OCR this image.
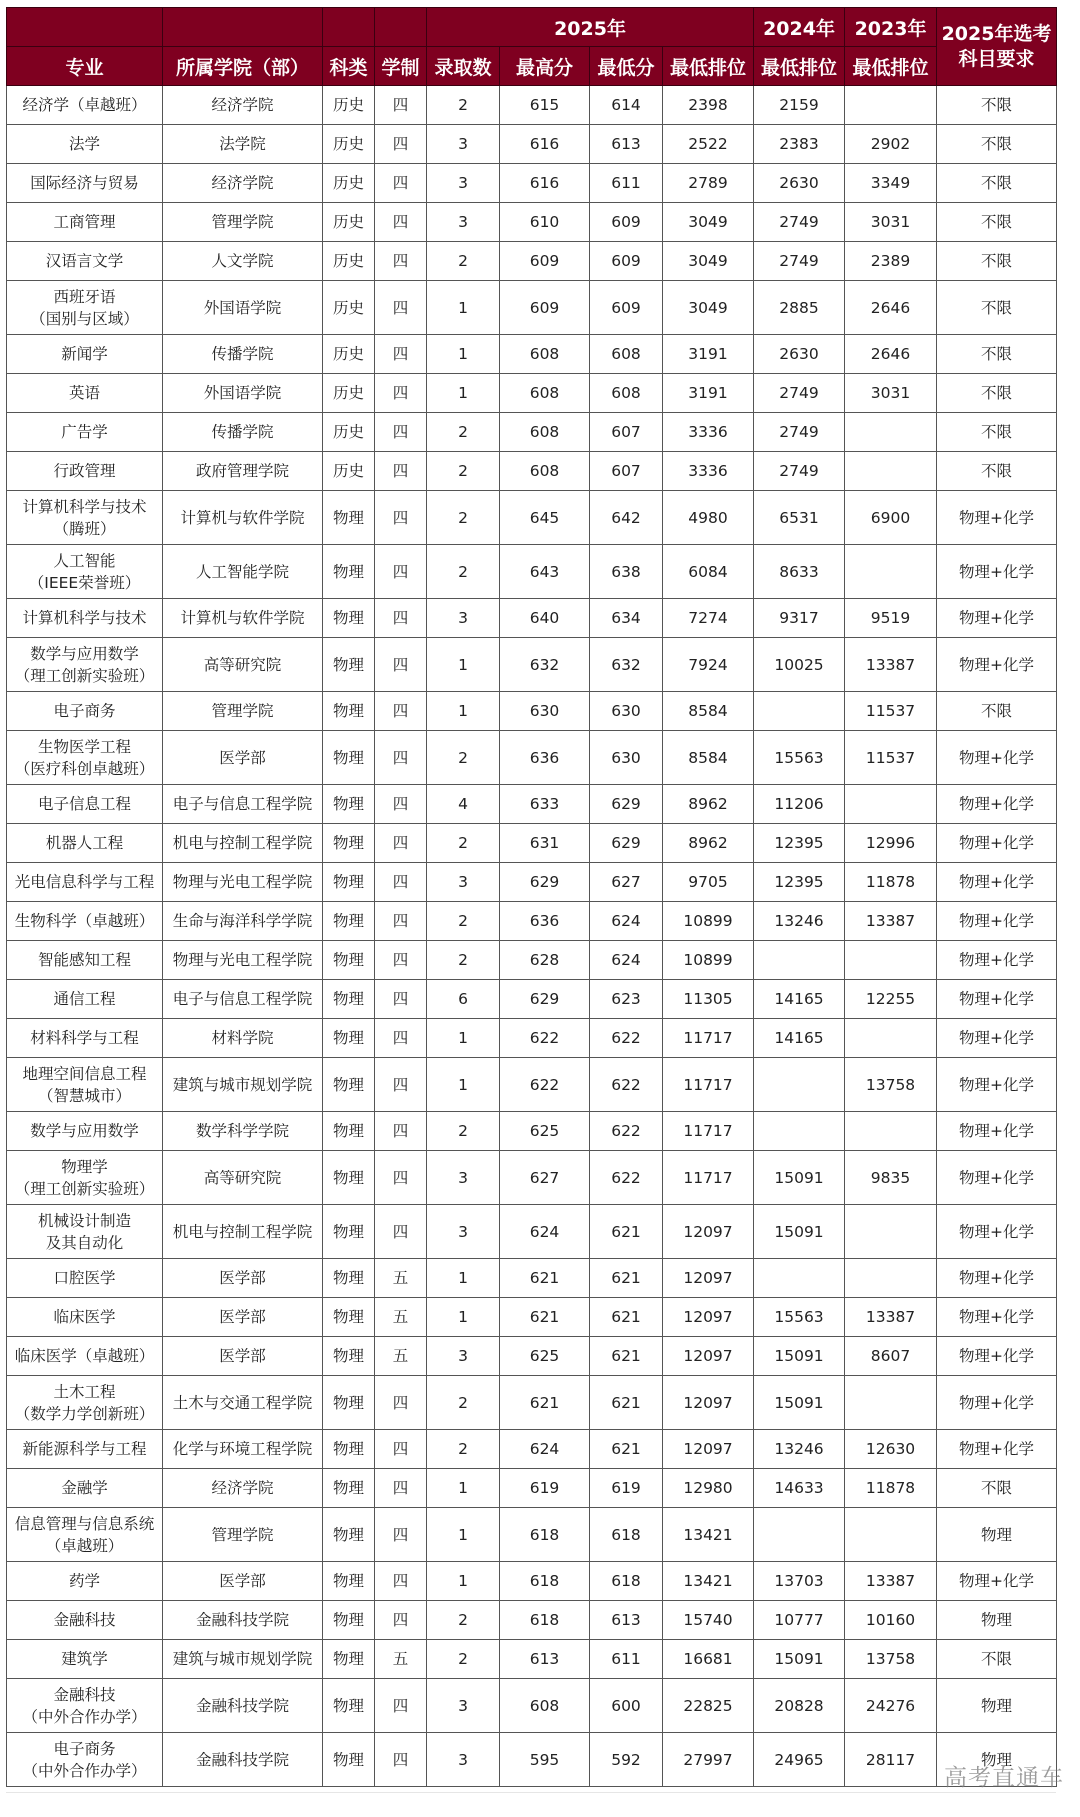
				2025年				2024年	2023年	2025年选考
科目要求
专业	所属学院（部）	科类	学制	录取数	最高分	最低分	最低排位	最低排位	最低排位	
经济学（卓越班）	经济学院	历史	四	2	615	614	2398	2159		不限
法学	法学院	历史	四	3	616	613	2522	2383	2902	不限
国际经济与贸易	经济学院	历史	四	3	616	611	2789	2630	3349	不限
工商管理	管理学院	历史	四	3	610	609	3049	2749	3031	不限
汉语言文学	人文学院	历史	四	2	609	609	3049	2749	2389	不限
西班牙语
（国别与区域）	外国语学院	历史	四	1	609	609	3049	2885	2646	不限
新闻学	传播学院	历史	四	1	608	608	3191	2630	2646	不限
英语	外国语学院	历史	四	1	608	608	3191	2749	3031	不限
广告学	传播学院	历史	四	2	608	607	3336	2749		不限
行政管理	政府管理学院	历史	四	2	608	607	3336	2749		不限
计算机科学与技术
（腾班）	计算机与软件学院	物理	四	2	645	642	4980	6531	6900	物理+化学
人工智能
（IEEE荣誉班）	人工智能学院	物理	四	2	643	638	6084	8633		物理+化学
计算机科学与技术	计算机与软件学院	物理	四	3	640	634	7274	9317	9519	物理+化学
数学与应用数学
（理工创新实验班）	高等研究院	物理	四	1	632	632	7924	10025	13387	物理+化学
电子商务	管理学院	物理	四	1	630	630	8584		11537	不限
生物医学工程
（医疗科创卓越班）	医学部	物理	四	2	636	630	8584	15563	11537	物理+化学
电子信息工程	电子与信息工程学院	物理	四	4	633	629	8962	11206		物理+化学
机器人工程	机电与控制工程学院	物理	四	2	631	629	8962	12395	12996	物理+化学
光电信息科学与工程	物理与光电工程学院	物理	四	3	629	627	9705	12395	11878	物理+化学
生物科学（卓越班）	生命与海洋科学学院	物理	四	2	636	624	10899	13246	13387	物理+化学
智能感知工程	物理与光电工程学院	物理	四	2	628	624	10899			物理+化学
通信工程	电子与信息工程学院	物理	四	6	629	623	11305	14165	12255	物理+化学
材料科学与工程	材料学院	物理	四	1	622	622	11717	14165		物理+化学
地理空间信息工程
（智慧城市）	建筑与城市规划学院	物理	四	1	622	622	11717		13758	物理+化学
数学与应用数学	数学科学学院	物理	四	2	625	622	11717			物理+化学
物理学
（理工创新实验班）	高等研究院	物理	四	3	627	622	11717	15091	9835	物理+化学
机械设计制造
及其自动化	机电与控制工程学院	物理	四	3	624	621	12097	15091		物理+化学
口腔医学	医学部	物理	五	1	621	621	12097			物理+化学
临床医学	医学部	物理	五	1	621	621	12097	15563	13387	物理+化学
临床医学（卓越班）	医学部	物理	五	3	625	621	12097	15091	8607	物理+化学
土木工程
（数学力学创新班）	土木与交通工程学院	物理	四	2	621	621	12097	15091		物理+化学
新能源科学与工程	化学与环境工程学院	物理	四	2	624	621	12097	13246	12630	物理+化学
金融学	经济学院	物理	四	1	619	619	12980	14633	11878	不限
信息管理与信息系统
（卓越班）	管理学院	物理	四	1	618	618	13421			物理
药学	医学部	物理	四	1	618	618	13421	13703	13387	物理+化学
金融科技	金融科技学院	物理	四	2	618	613	15740	10777	10160	物理
建筑学	建筑与城市规划学院	物理	五	2	613	611	16681	15091	13758	不限
金融科技
（中外合作办学）	金融科技学院	物理	四	3	608	600	22825	20828	24276	物理
电子商务
（中外合作办学）	金融科技学院	物理	四	3	595	592	27997	24965	28117	物理
高考直通车
